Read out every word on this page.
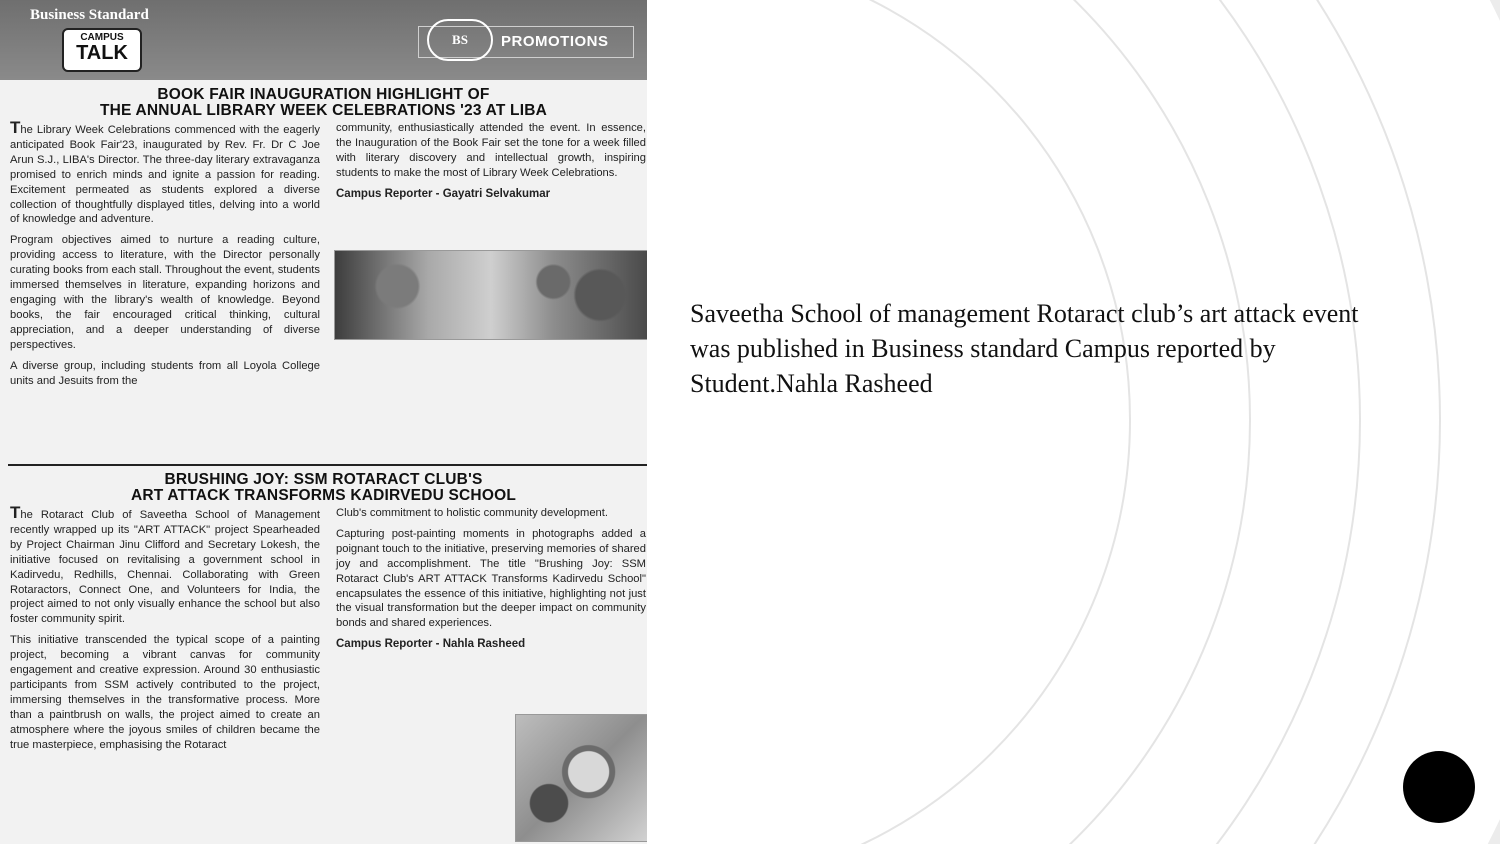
Business Standard
CAMPUS
TALK
BS	PROMOTIONS
BOOK FAIR INAUGURATION HIGHLIGHT OF
THE ANNUAL LIBRARY WEEK CELEBRATIONS '23 AT LIBA

The Library Week Celebrations commenced with the eagerly anticipated Book Fair'23, inaugurated by Rev. Fr. Dr C Joe Arun S.J., LIBA's Director. The three-day literary extravaganza promised to enrich minds and ignite a passion for reading. Excitement permeated as students explored a diverse collection of thoughtfully displayed titles, delving into a world of knowledge and adventure.

Program objectives aimed to nurture a reading culture, providing access to literature, with the Director personally curating books from each stall. Throughout the event, students immersed themselves in literature, expanding horizons and engaging with the library's wealth of knowledge. Beyond books, the fair encouraged critical thinking, cultural appreciation, and a deeper understanding of diverse perspectives.

A diverse group, including students from all Loyola College units and Jesuits from the

community, enthusiastically attended the event. In essence, the Inauguration of the Book Fair set the tone for a week filled with literary discovery and intellectual growth, inspiring students to make the most of Library Week Celebrations.

Campus Reporter - Gayatri Selvakumar

BRUSHING JOY: SSM ROTARACT CLUB'S
ART ATTACK TRANSFORMS KADIRVEDU SCHOOL

The Rotaract Club of Saveetha School of Management recently wrapped up its "ART ATTACK" project Spearheaded by Project Chairman Jinu Clifford and Secretary Lokesh, the initiative focused on revitalising a government school in Kadirvedu, Redhills, Chennai. Collaborating with Green Rotaractors, Connect One, and Volunteers for India, the project aimed to not only visually enhance the school but also foster community spirit.

This initiative transcended the typical scope of a painting project, becoming a vibrant canvas for community engagement and creative expression. Around 30 enthusiastic participants from SSM actively contributed to the project, immersing themselves in the transformative process. More than a paintbrush on walls, the project aimed to create an atmosphere where the joyous smiles of children became the true masterpiece, emphasising the Rotaract

Club's commitment to holistic community development.

Capturing post-painting moments in photographs added a poignant touch to the initiative, preserving memories of shared joy and accomplishment. The title "Brushing Joy: SSM Rotaract Club's ART ATTACK Transforms Kadirvedu School" encapsulates the essence of this initiative, highlighting not just the visual transformation but the deeper impact on community bonds and shared experiences.

Campus Reporter - Nahla Rasheed

Saveetha School of management Rotaract club’s art attack event was published in Business standard Campus reported by Student.Nahla Rasheed
